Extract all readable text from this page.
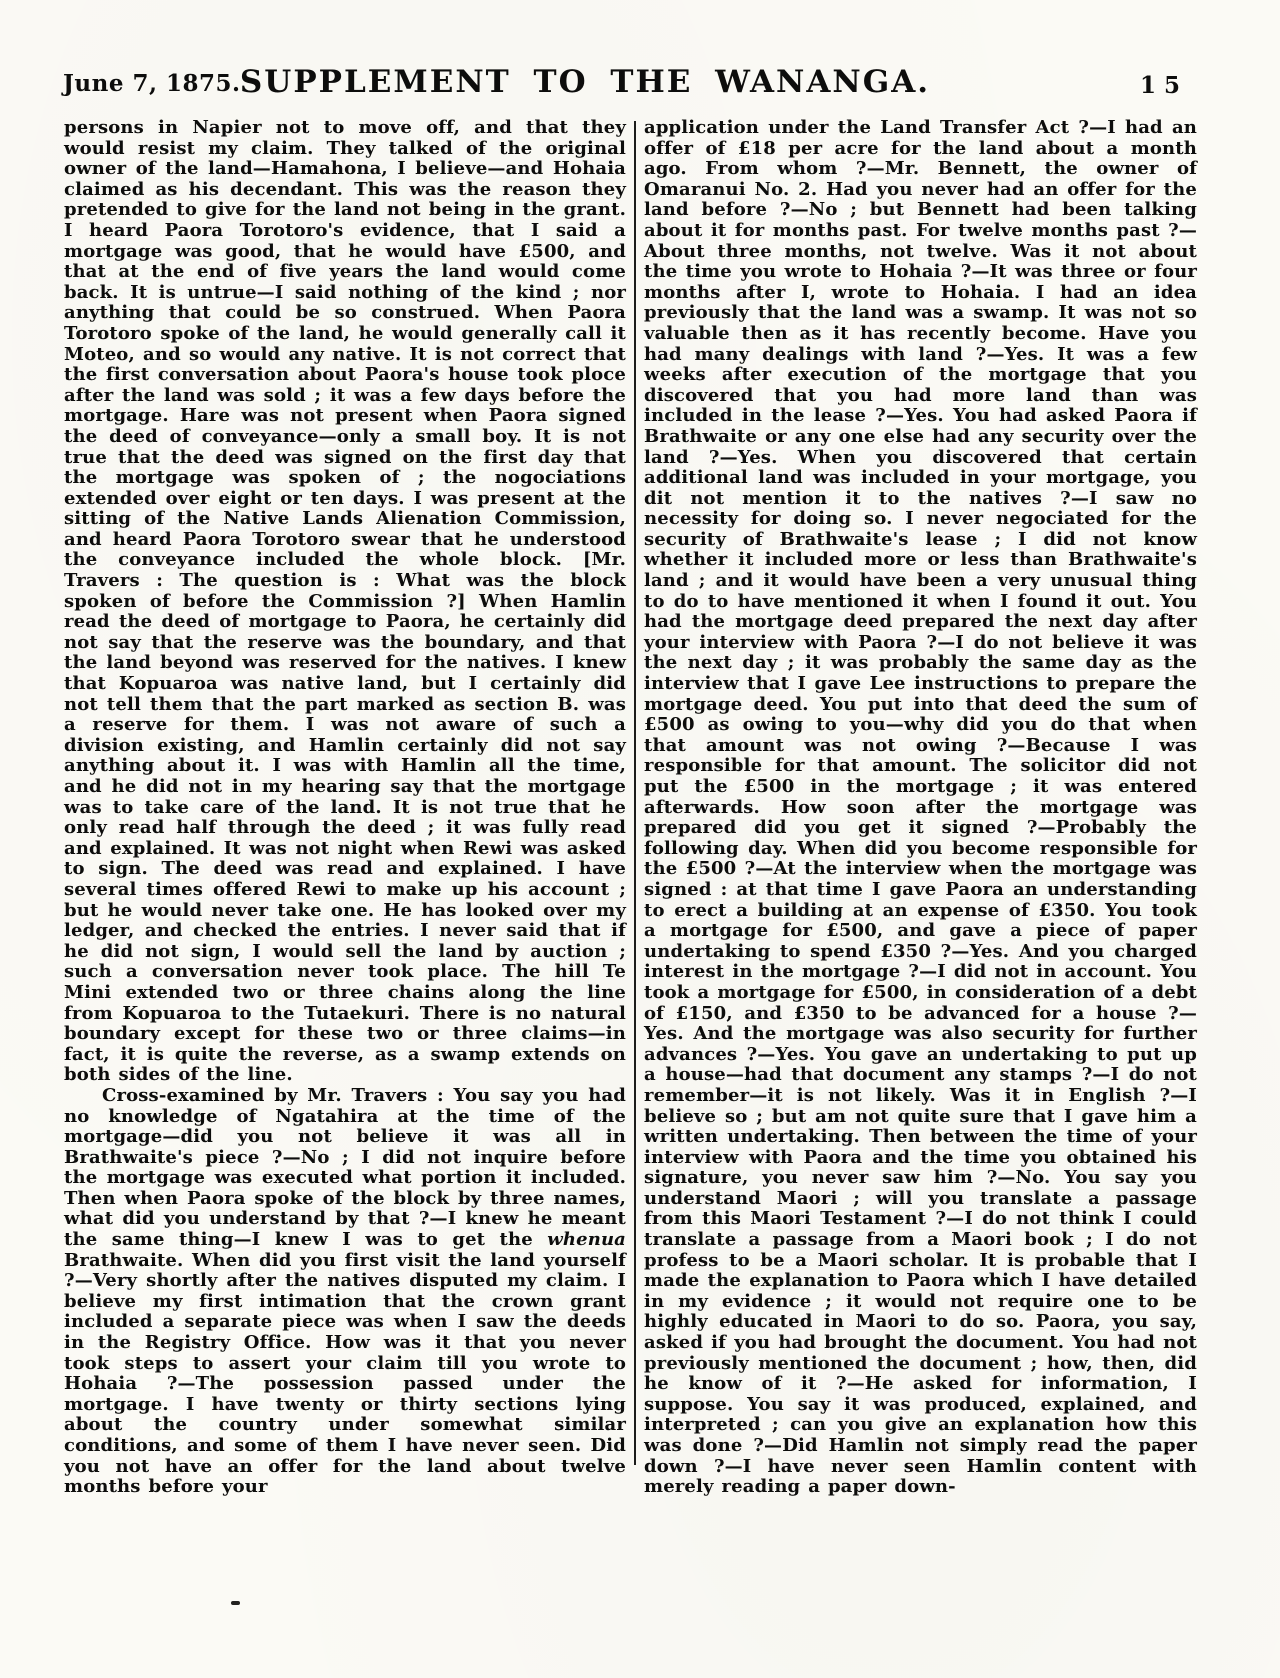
June 7, 1875. SUPPLEMENT TO THE WANANGA.	15

persons in Napier not to move off, and that they would resist my claim. They talked of the original owner of the land—Hamahona, I believe—and Hohaia claimed as his decendant. This was the reason they pretended to give for the land not being in the grant. I heard Paora Torotoro's evidence, that I said a mortgage was good, that he would have £500, and that at the end of five years the land would come back. It is untrue—I said nothing of the kind ; nor anything that could be so construed. When Paora Torotoro spoke of the land, he would generally call it Moteo, and so would any native. It is not correct that the first conversation about Paora's house took ploce after the land was sold ; it was a few days before the mortgage. Hare was not present when Paora signed the deed of conveyance—only a small boy. It is not true that the deed was signed on the first day that the mortgage was spoken of ; the nogociations extended over eight or ten days. I was present at the sitting of the Native Lands Alienation Commission, and heard Paora Torotoro swear that he understood the conveyance included the whole block. [Mr. Travers : The question is : What was the block spoken of before the Commission ?] When Hamlin read the deed of mortgage to Paora, he certainly did not say that the reserve was the boundary, and that the land beyond was reserved for the natives. I knew that Kopuaroa was native land, but I certainly did not tell them that the part marked as section B. was a reserve for them. I was not aware of such a division existing, and Hamlin certainly did not say anything about it. I was with Hamlin all the time, and he did not in my hearing say that the mortgage was to take care of the land. It is not true that he only read half through the deed ; it was fully read and explained. It was not night when Rewi was asked to sign. The deed was read and explained. I have several times offered Rewi to make up his account ; but he would never take one. He has looked over my ledger, and checked the entries. I never said that if he did not sign, I would sell the land by auction ; such a conversation never took place. The hill Te Mini extended two or three chains along the line from Kopuaroa to the Tutaekuri. There is no natural boundary except for these two or three claims—in fact, it is quite the reverse, as a swamp extends on both sides of the line.

Cross-examined by Mr. Travers : You say you had no knowledge of Ngatahira at the time of the mortgage—did you not believe it was all in Brathwaite's piece ?—No ; I did not inquire before the mortgage was executed what portion it included. Then when Paora spoke of the block by three names, what did you understand by that ?—I knew he meant the same thing—I knew I was to get the whenua Brathwaite. When did you first visit the land yourself ?—Very shortly after the natives disputed my claim. I believe my first intimation that the crown grant included a separate piece was when I saw the deeds in the Registry Office. How was it that you never took steps to assert your claim till you wrote to Hohaia ?—The possession passed under the mortgage. I have twenty or thirty sections lying about the country under somewhat similar conditions, and some of them I have never seen. Did you not have an offer for the land about twelve months before your

application under the Land Transfer Act ?—I had an offer of £18 per acre for the land about a month ago. From whom ?—Mr. Bennett, the owner of Omaranui No. 2. Had you never had an offer for the land before ?—No ; but Bennett had been talking about it for months past. For twelve months past ?—About three months, not twelve. Was it not about the time you wrote to Hohaia ?—It was three or four months after I, wrote to Hohaia. I had an idea previously that the land was a swamp. It was not so valuable then as it has recently become. Have you had many dealings with land ?—Yes. It was a few weeks after execution of the mortgage that you discovered that you had more land than was included in the lease ?—Yes. You had asked Paora if Brathwaite or any one else had any security over the land ?—Yes. When you discovered that certain additional land was included in your mortgage, you dit not mention it to the natives ?—I saw no necessity for doing so. I never negociated for the security of Brathwaite's lease ; I did not know whether it included more or less than Brathwaite's land ; and it would have been a very unusual thing to do to have mentioned it when I found it out. You had the mortgage deed prepared the next day after your interview with Paora ?—I do not believe it was the next day ; it was probably the same day as the interview that I gave Lee instructions to prepare the mortgage deed. You put into that deed the sum of £500 as owing to you—why did you do that when that amount was not owing ?—Because I was responsible for that amount. The solicitor did not put the £500 in the mortgage ; it was entered afterwards. How soon after the mortgage was prepared did you get it signed ?—Probably the following day. When did you become responsible for the £500 ?—At the interview when the mortgage was signed : at that time I gave Paora an understanding to erect a building at an expense of £350. You took a mortgage for £500, and gave a piece of paper undertaking to spend £350 ?—Yes. And you charged interest in the mortgage ?—I did not in account. You took a mortgage for £500, in consideration of a debt of £150, and £350 to be advanced for a house ?—Yes. And the mortgage was also security for further advances ?—Yes. You gave an undertaking to put up a house—had that document any stamps ?—I do not remember—it is not likely. Was it in English ?—I believe so ; but am not quite sure that I gave him a written undertaking. Then between the time of your interview with Paora and the time you obtained his signature, you never saw him ?—No. You say you understand Maori ; will you translate a passage from this Maori Testament ?—I do not think I could translate a passage from a Maori book ; I do not profess to be a Maori scholar. It is probable that I made the explanation to Paora which I have detailed in my evidence ; it would not require one to be highly educated in Maori to do so. Paora, you say, asked if you had brought the document. You had not previously mentioned the document ; how, then, did he know of it ?—He asked for information, I suppose. You say it was produced, explained, and interpreted ; can you give an explanation how this was done ?—Did Hamlin not simply read the paper down ?—I have never seen Hamlin content with merely reading a paper down-
